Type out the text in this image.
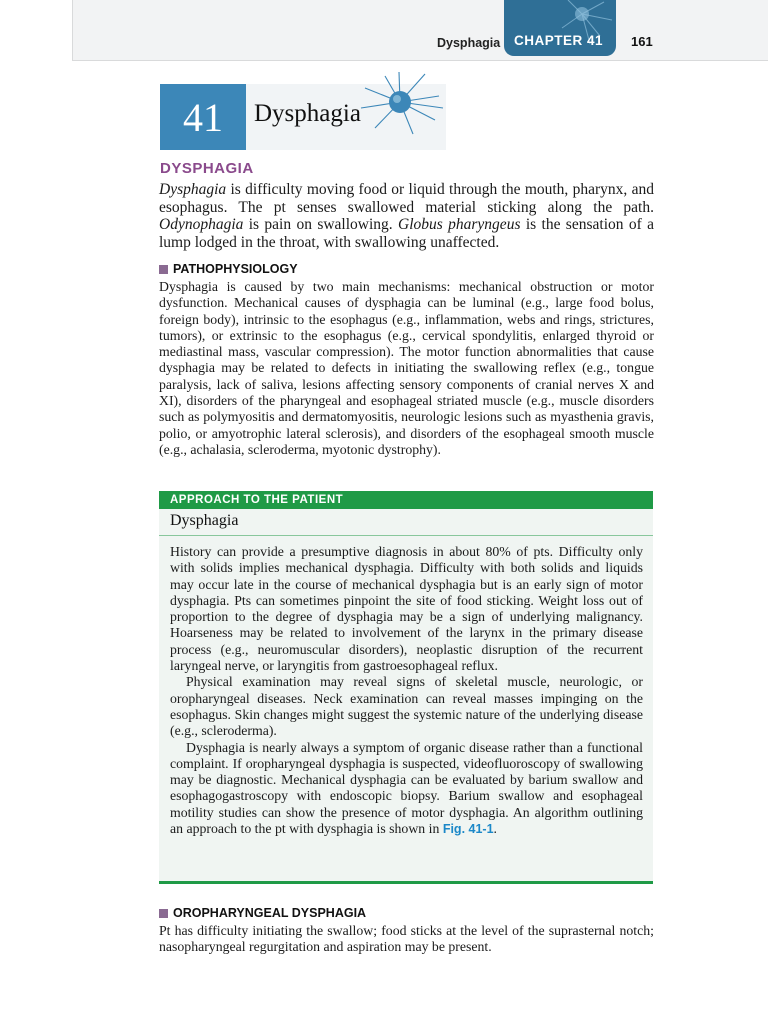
Dysphagia CHAPTER 41 161
41	Dysphagia
DYSPHAGIA

Dysphagia is difficulty moving food or liquid through the mouth, pharynx, and esophagus. The pt senses swallowed material sticking along the path. Odynophagia is pain on swallowing. Globus pharyngeus is the sensation of a lump lodged in the throat, with swallowing unaffected.

PATHOPHYSIOLOGY

Dysphagia is caused by two main mechanisms: mechanical obstruction or motor dysfunction. Mechanical causes of dysphagia can be luminal (e.g., large food bolus, foreign body), intrinsic to the esophagus (e.g., inflammation, webs and rings, strictures, tumors), or extrinsic to the esophagus (e.g., cervical spondylitis, enlarged thyroid or mediastinal mass, vascular compression). The motor function abnormalities that cause dysphagia may be related to defects in initiating the swallowing reflex (e.g., tongue paralysis, lack of saliva, lesions affecting sensory components of cranial nerves X and XI), disorders of the pharyngeal and esophageal striated muscle (e.g., muscle disorders such as polymyositis and dermatomyositis, neurologic lesions such as myasthenia gravis, polio, or amyotrophic lateral sclerosis), and disorders of the esophageal smooth muscle (e.g., achalasia, scleroderma, myotonic dystrophy).

APPROACH TO THE PATIENT
Dysphagia

History can provide a presumptive diagnosis in about 80% of pts. Difficulty only with solids implies mechanical dysphagia. Difficulty with both solids and liquids may occur late in the course of mechanical dysphagia but is an early sign of motor dysphagia. Pts can sometimes pinpoint the site of food sticking. Weight loss out of proportion to the degree of dysphagia may be a sign of underlying malignancy. Hoarseness may be related to involvement of the larynx in the primary disease process (e.g., neuromuscular disorders), neoplastic disruption of the recurrent laryngeal nerve, or laryngitis from gastroesophageal reflux.

Physical examination may reveal signs of skeletal muscle, neurologic, or oropharyngeal diseases. Neck examination can reveal masses impinging on the esophagus. Skin changes might suggest the systemic nature of the underlying disease (e.g., scleroderma).

Dysphagia is nearly always a symptom of organic disease rather than a functional complaint. If oropharyngeal dysphagia is suspected, videofluoroscopy of swallowing may be diagnostic. Mechanical dysphagia can be evaluated by barium swallow and esophagogastroscopy with endoscopic biopsy. Barium swallow and esophageal motility studies can show the presence of motor dysphagia. An algorithm outlining an approach to the pt with dysphagia is shown in Fig. 41-1.

OROPHARYNGEAL DYSPHAGIA

Pt has difficulty initiating the swallow; food sticks at the level of the suprasternal notch; nasopharyngeal regurgitation and aspiration may be present.
